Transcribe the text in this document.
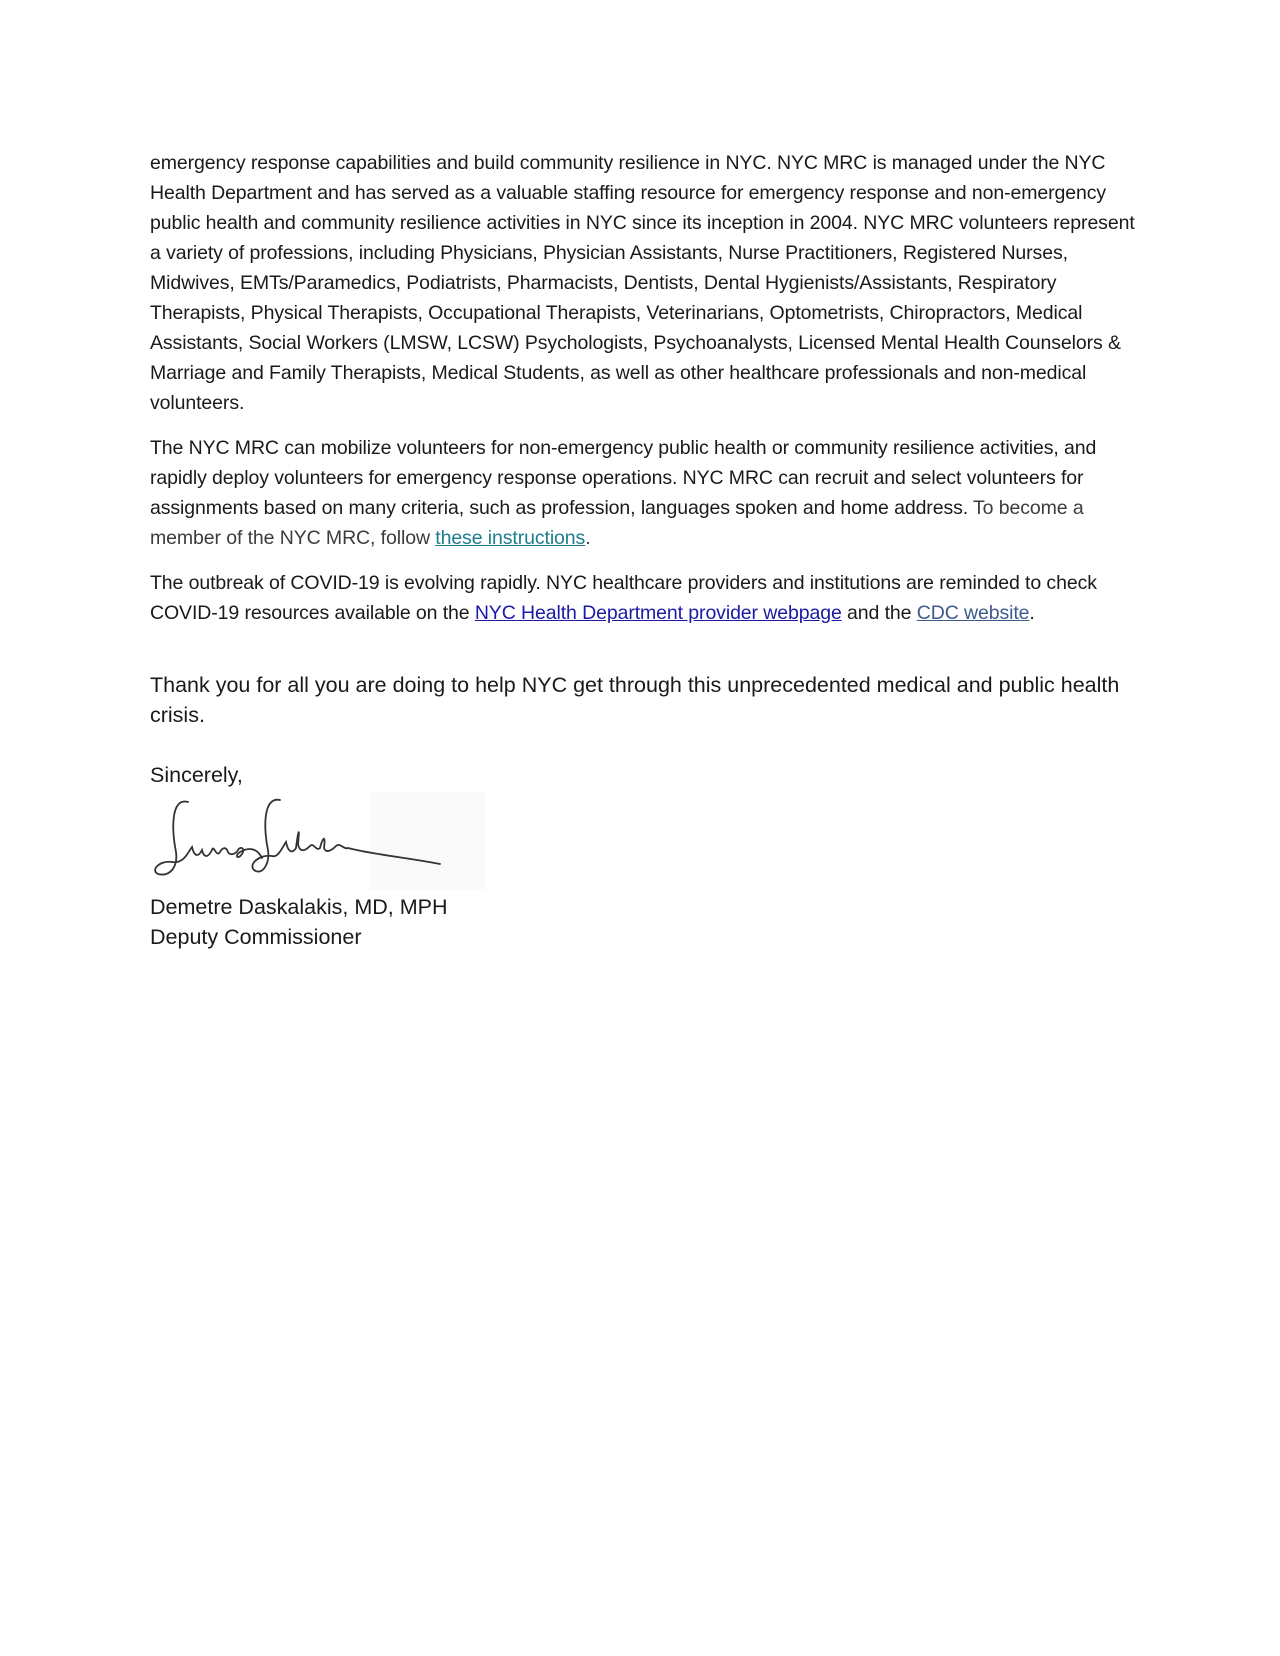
emergency response capabilities and build community resilience in NYC. NYC MRC is managed under the NYC Health Department and has served as a valuable staffing resource for emergency response and non-emergency public health and community resilience activities in NYC since its inception in 2004. NYC MRC volunteers represent a variety of professions, including Physicians, Physician Assistants, Nurse Practitioners, Registered Nurses, Midwives, EMTs/Paramedics, Podiatrists, Pharmacists, Dentists, Dental Hygienists/Assistants, Respiratory Therapists, Physical Therapists, Occupational Therapists, Veterinarians, Optometrists, Chiropractors, Medical Assistants, Social Workers (LMSW, LCSW) Psychologists, Psychoanalysts, Licensed Mental Health Counselors & Marriage and Family Therapists, Medical Students, as well as other healthcare professionals and non-medical volunteers.

The NYC MRC can mobilize volunteers for non-emergency public health or community resilience activities, and rapidly deploy volunteers for emergency response operations. NYC MRC can recruit and select volunteers for assignments based on many criteria, such as profession, languages spoken and home address. To become a member of the NYC MRC, follow these instructions.

The outbreak of COVID-19 is evolving rapidly. NYC healthcare providers and institutions are reminded to check COVID-19 resources available on the NYC Health Department provider webpage and the CDC website.

Thank you for all you are doing to help NYC get through this unprecedented medical and public health crisis.

Sincerely,

Demetre Daskalakis, MD, MPH

Deputy Commissioner
